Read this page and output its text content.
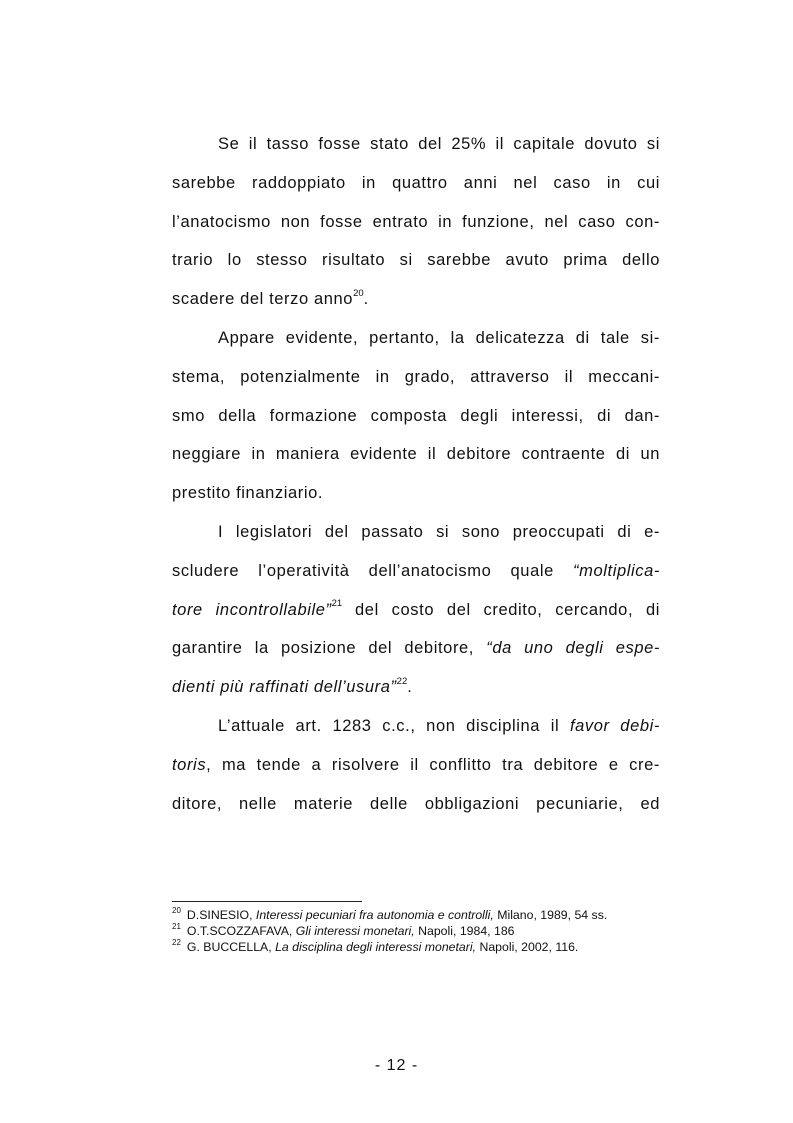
Se il tasso fosse stato del 25% il capitale dovuto si
sarebbe raddoppiato in quattro anni nel caso in cui
l’anatocismo non fosse entrato in funzione, nel caso con-
trario lo stesso risultato si sarebbe avuto prima dello
scadere del terzo anno$^{20}$.

Appare evidente, pertanto, la delicatezza di tale si-
stema, potenzialmente in grado, attraverso il meccani-
smo della formazione composta degli interessi, di dan-
neggiare in maniera evidente il debitore contraente di un
prestito finanziario.

I legislatori del passato si sono preoccupati di e-
scludere l’operatività dell’anatocismo quale “moltiplica-
tore incontrollabile”$^{21}$ del costo del credito, cercando, di
garantire la posizione del debitore, “da uno degli espe-
dienti più raffinati dell’usura”$^{22}$.

L’attuale art. 1283 c.c., non disciplina il favor debi-
toris, ma tende a risolvere il conflitto tra debitore e cre-
ditore, nelle materie delle obbligazioni pecuniarie, ed

$^{20}$ D.SINESIO, Interessi pecuniari fra autonomia e controlli, Milano, 1989, 54 ss.

$^{21}$ O.T.SCOZZAFAVA, Gli interessi monetari, Napoli, 1984, 186

$^{22}$ G. BUCCELLA, La disciplina degli interessi monetari, Napoli, 2002, 116.

- 12 -
